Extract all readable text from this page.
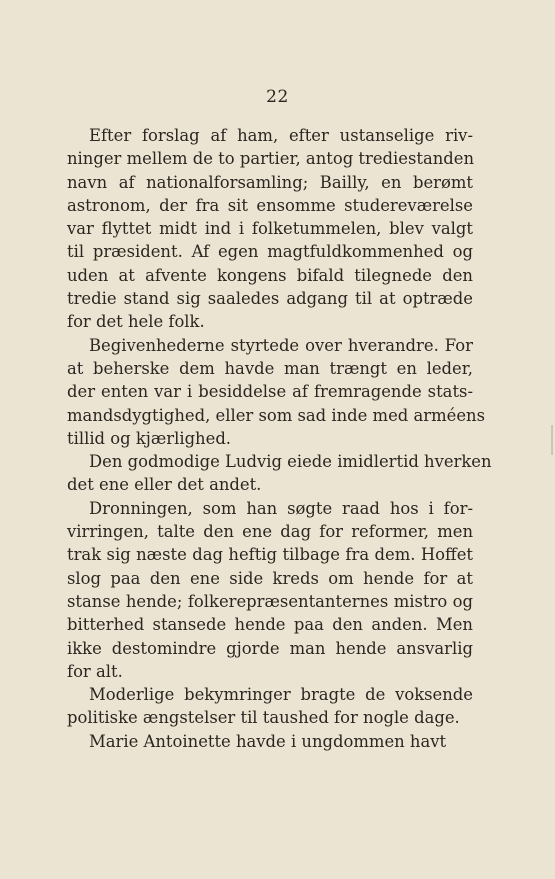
22
Efter forslag af ham, efter ustanselige riv-
ninger mellem de to partier, antog trediestanden
navn af nationalforsamling; Bailly, en berømt
astronom, der fra sit ensomme studereværelse
var flyttet midt ind i folketummelen, blev valgt
til præsident. Af egen magtfuldkommenhed og
uden at afvente kongens bifald tilegnede den
tredie stand sig saaledes adgang til at optræde
for det hele folk.
Begivenhederne styrtede over hverandre. For
at beherske dem havde man trængt en leder,
der enten var i besiddelse af fremragende stats-
mandsdygtighed, eller som sad inde med arméens
tillid og kjærlighed.
Den godmodige Ludvig eiede imidlertid hverken
det ene eller det andet.
Dronningen, som han søgte raad hos i for-
virringen, talte den ene dag for reformer, men
trak sig næste dag heftig tilbage fra dem. Hoffet
slog paa den ene side kreds om hende for at
stanse hende; folkerepræsentanternes mistro og
bitterhed stansede hende paa den anden. Men
ikke destomindre gjorde man hende ansvarlig
for alt.
Moderlige bekymringer bragte de voksende
politiske ængstelser til taushed for nogle dage.
Marie Antoinette havde i ungdommen havt
